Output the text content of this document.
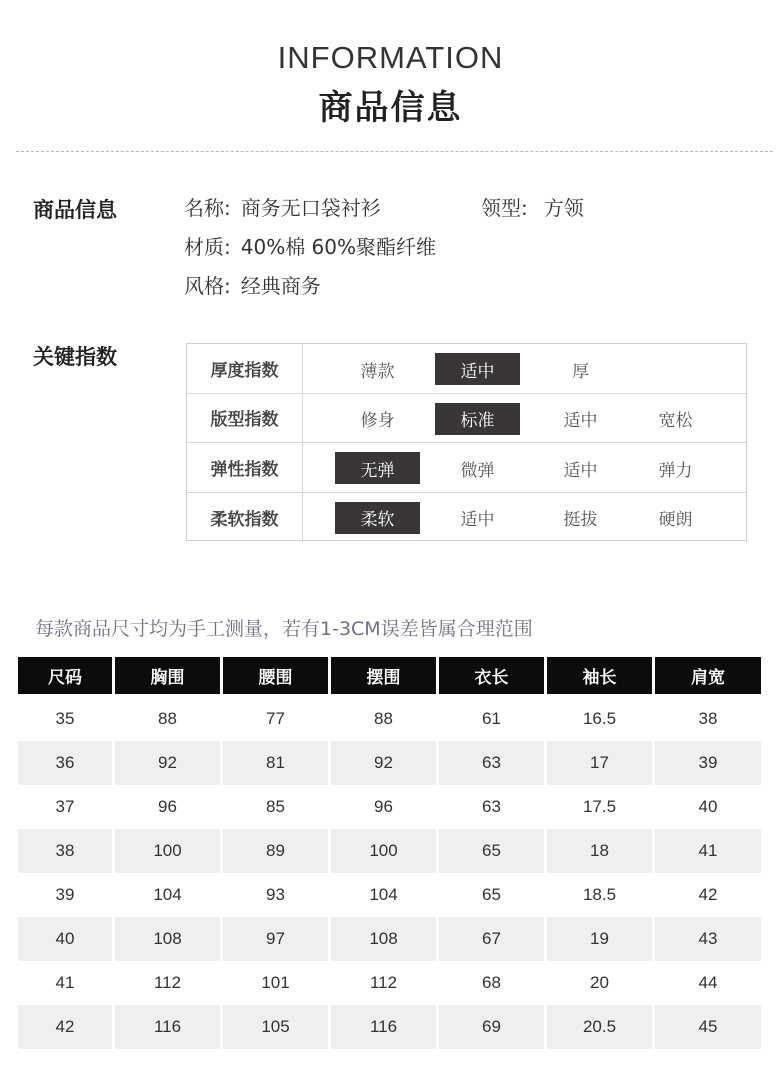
INFORMATION
商品信息
商品信息	名称: 商务无口袋衬衫	领型: 方领
材质: 40%棉 60%聚酯纤维
风格: 经典商务
关键指数
厚度指数	薄款	适中	厚
版型指数	修身	标准	适中	宽松
弹性指数	无弹	微弹	适中	弹力
柔软指数	柔软	适中	挺拔	硬朗
每款商品尺寸均为手工测量，若有1-3CM误差皆属合理范围
尺码	胸围	腰围	摆围	衣长	袖长	肩宽
35	88	77	88	61	16.5	38
36	92	81	92	63	17	39
37	96	85	96	63	17.5	40
38	100	89	100	65	18	41
39	104	93	104	65	18.5	42
40	108	97	108	67	19	43
41	112	101	112	68	20	44
42	116	105	116	69	20.5	45
